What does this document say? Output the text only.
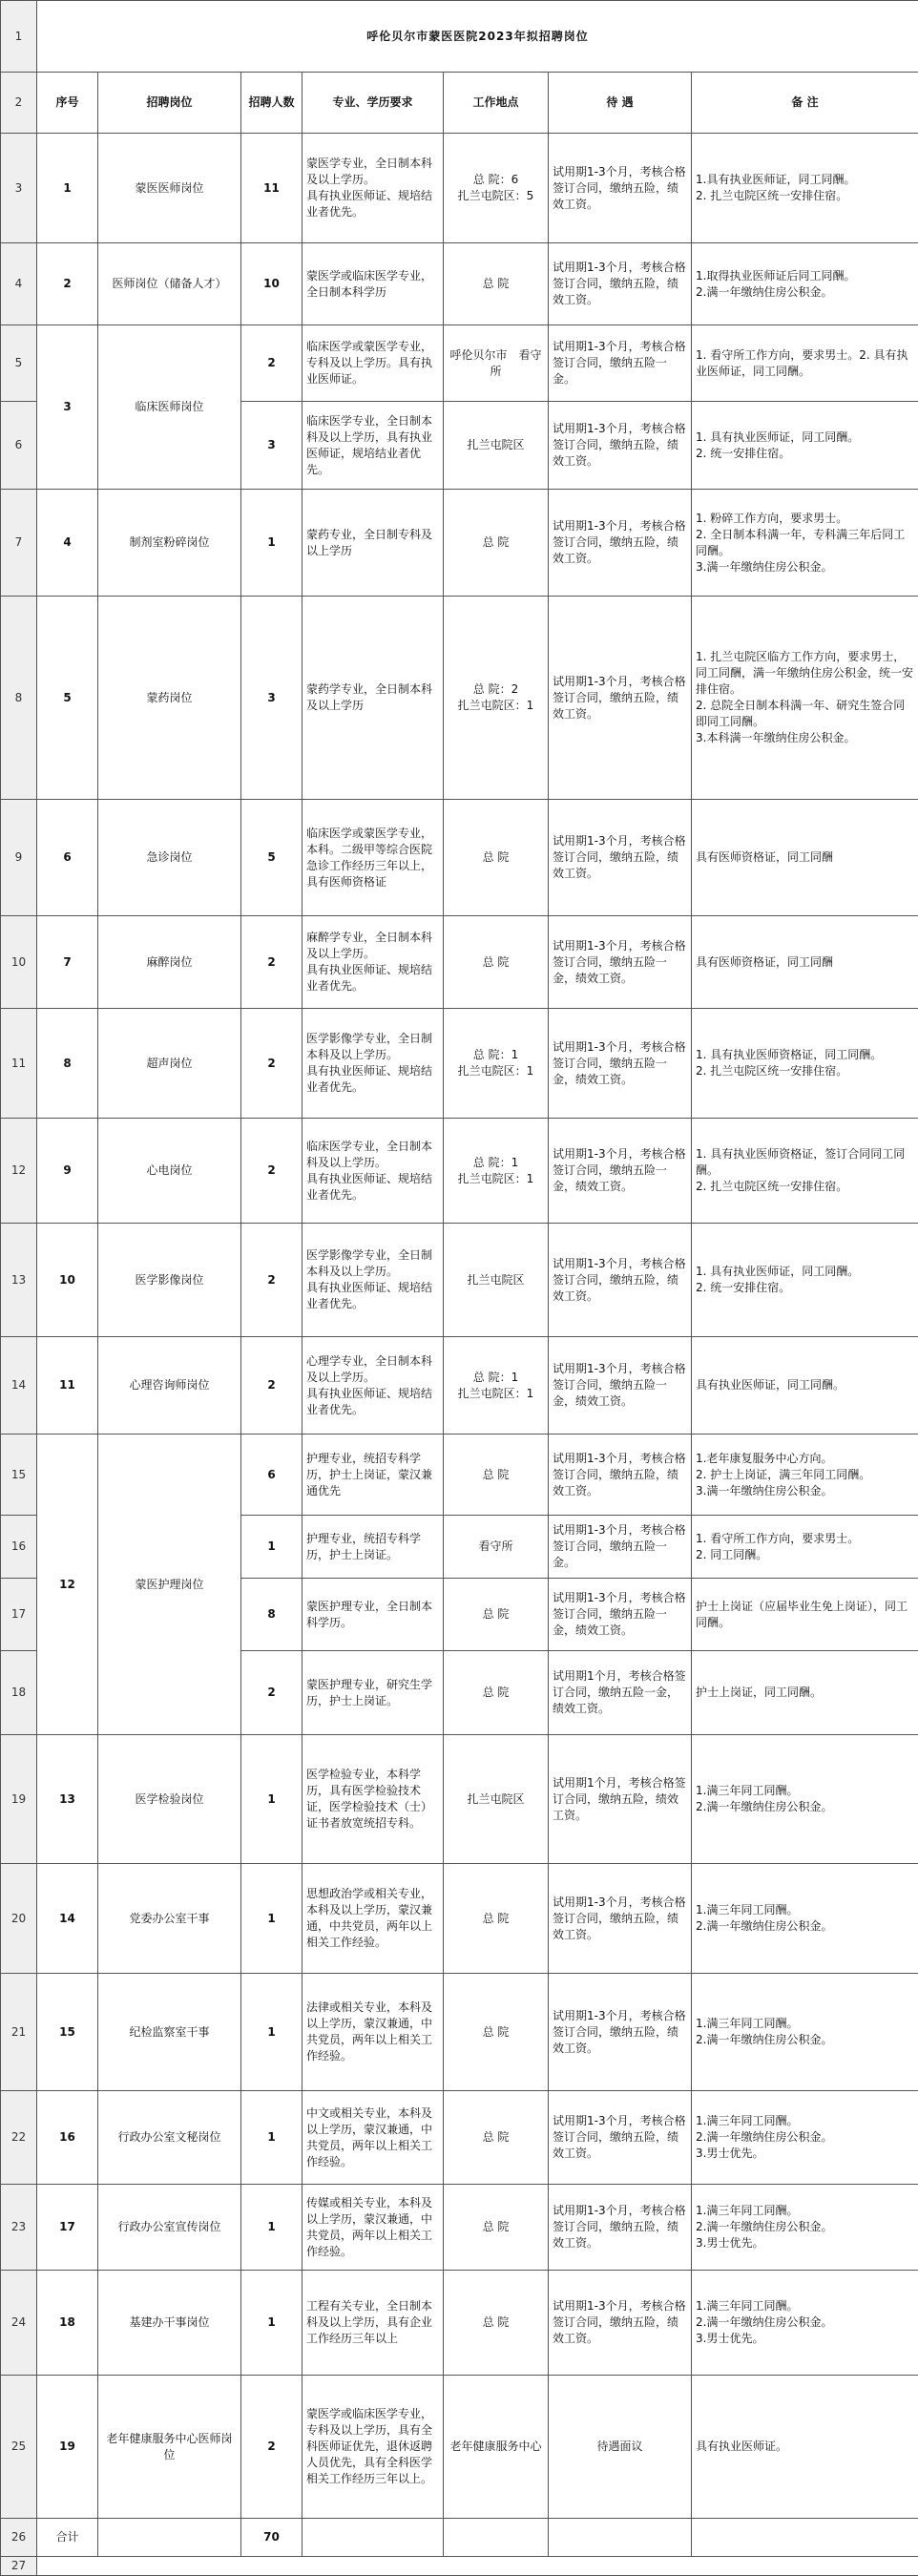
1	呼伦贝尔市蒙医医院2023年拟招聘岗位						
2	序号	招聘岗位	招聘人数	专业、学历要求	工作地点	待 遇	备 注
3	1	蒙医医师岗位	11	蒙医学专业，全日制本科及以上学历。
具有执业医师证、规培结业者优先。	总 院：6
扎兰屯院区：5	试用期1-3个月，考核合格签订合同，缴纳五险，绩效工资。	1.具有执业医师证，同工同酬。
2. 扎兰屯院区统一安排住宿。
4	2	医师岗位（储备人才）	10	蒙医学或临床医学专业，全日制本科学历	总 院	试用期1-3个月，考核合格签订合同，缴纳五险，绩效工资。	1.取得执业医师证后同工同酬。
2.满一年缴纳住房公积金。
5	3	临床医师岗位	2	临床医学或蒙医学专业，专科及以上学历。具有执业医师证。	呼伦贝尔市　看守所	试用期1-3个月，考核合格签订合同，缴纳五险一金。	1. 看守所工作方向，要求男士。2. 具有执业医师证，同工同酬。
6			3	临床医学专业，全日制本科及以上学历，具有执业医师证，规培结业者优先。	扎兰屯院区	试用期1-3个月，考核合格签订合同，缴纳五险，绩效工资。	1. 具有执业医师证，同工同酬。
2. 统一安排住宿。
7	4	制剂室粉碎岗位	1	蒙药专业，全日制专科及以上学历	总 院	试用期1-3个月，考核合格签订合同，缴纳五险，绩效工资。	1. 粉碎工作方向，要求男士。
2. 全日制本科满一年，专科满三年后同工同酬。
3.满一年缴纳住房公积金。
8	5	蒙药岗位	3	蒙药学专业，全日制本科及以上学历	总 院：2
扎兰屯院区：1	试用期1-3个月，考核合格签订合同，缴纳五险，绩效工资。	1. 扎兰屯院区临方工作方向，要求男士，同工同酬，满一年缴纳住房公积金，统一安排住宿。
2. 总院全日制本科满一年、研究生签合同即同工同酬。
3.本科满一年缴纳住房公积金。
9	6	急诊岗位	5	临床医学或蒙医学专业，本科。二级甲等综合医院急诊工作经历三年以上，具有医师资格证	总 院	试用期1-3个月，考核合格签订合同，缴纳五险，绩效工资。	具有医师资格证，同工同酬
10	7	麻醉岗位	2	麻醉学专业，全日制本科及以上学历。
具有执业医师证、规培结业者优先。	总 院	试用期1-3个月，考核合格签订合同，缴纳五险一金，绩效工资。	具有医师资格证，同工同酬
11	8	超声岗位	2	医学影像学专业，全日制本科及以上学历。
具有执业医师证、规培结业者优先。	总 院：1
扎兰屯院区：1	试用期1-3个月，考核合格签订合同，缴纳五险一金，绩效工资。	1. 具有执业医师资格证，同工同酬。
2. 扎兰屯院区统一安排住宿。
12	9	心电岗位	2	临床医学专业，全日制本科及以上学历。
具有执业医师证、规培结业者优先。	总 院：1
扎兰屯院区：1	试用期1-3个月，考核合格签订合同，缴纳五险一金，绩效工资。	1. 具有执业医师资格证，签订合同同工同酬。
2. 扎兰屯院区统一安排住宿。
13	10	医学影像岗位	2	医学影像学专业，全日制本科及以上学历。
具有执业医师证、规培结业者优先。	扎兰屯院区	试用期1-3个月，考核合格签订合同，缴纳五险，绩效工资。	1. 具有执业医师证，同工同酬。
2. 统一安排住宿。
14	11	心理咨询师岗位	2	心理学专业，全日制本科及以上学历。
具有执业医师证、规培结业者优先。	总 院：1
扎兰屯院区：1	试用期1-3个月，考核合格签订合同，缴纳五险一金，绩效工资。	具有执业医师证，同工同酬。
15	12	蒙医护理岗位	6	护理专业，统招专科学历，护士上岗证，蒙汉兼通优先	总 院	试用期1-3个月，考核合格签订合同，缴纳五险，绩效工资。	1.老年康复服务中心方向。
2. 护士上岗证，满三年同工同酬。
3.满一年缴纳住房公积金。
16			1	护理专业，统招专科学历，护士上岗证。	看守所	试用期1-3个月，考核合格签订合同，缴纳五险一金。	1. 看守所工作方向，要求男士。
2. 同工同酬。
17			8	蒙医护理专业，全日制本科学历。	总 院	试用期1-3个月，考核合格签订合同，缴纳五险一金，绩效工资。	护士上岗证（应届毕业生免上岗证），同工同酬。
18			2	蒙医护理专业，研究生学历，护士上岗证。	总 院	试用期1个月，考核合格签订合同，缴纳五险一金，绩效工资。	护士上岗证，同工同酬。
19	13	医学检验岗位	1	医学检验专业，本科学历，具有医学检验技术证，医学检验技术（士）证书者放宽统招专科。	扎兰屯院区	试用期1个月，考核合格签订合同，缴纳五险，绩效工资。	1.满三年同工同酬。
2.满一年缴纳住房公积金。
20	14	党委办公室干事	1	思想政治学或相关专业，本科及以上学历，蒙汉兼通，中共党员，两年以上相关工作经验。	总 院	试用期1-3个月，考核合格签订合同，缴纳五险，绩效工资。	1.满三年同工同酬。
2.满一年缴纳住房公积金。
21	15	纪检监察室干事	1	法律或相关专业，本科及以上学历，蒙汉兼通，中共党员，两年以上相关工作经验。	总 院	试用期1-3个月，考核合格签订合同，缴纳五险，绩效工资。	1.满三年同工同酬。
2.满一年缴纳住房公积金。
22	16	行政办公室文秘岗位	1	中文或相关专业，本科及以上学历，蒙汉兼通，中共党员，两年以上相关工作经验。	总 院	试用期1-3个月，考核合格签订合同，缴纳五险，绩效工资。	1.满三年同工同酬。
2.满一年缴纳住房公积金。
3.男士优先。
23	17	行政办公室宣传岗位	1	传媒或相关专业，本科及以上学历，蒙汉兼通，中共党员，两年以上相关工作经验。	总 院	试用期1-3个月，考核合格签订合同，缴纳五险，绩效工资。	1.满三年同工同酬。
2.满一年缴纳住房公积金。
3.男士优先。
24	18	基建办干事岗位	1	工程有关专业，全日制本科及以上学历，具有企业工作经历三年以上	总 院	试用期1-3个月，考核合格签订合同，缴纳五险，绩效工资。	1.满三年同工同酬。
2.满一年缴纳住房公积金。
3.男士优先。
25	19	老年健康服务中心医师岗位	2	蒙医学或临床医学专业，专科及以上学历，具有全科医师证优先，退休返聘人员优先，具有全科医学相关工作经历三年以上。	老年健康服务中心	待遇面议	具有执业医师证。
26	合计		70				
27							
